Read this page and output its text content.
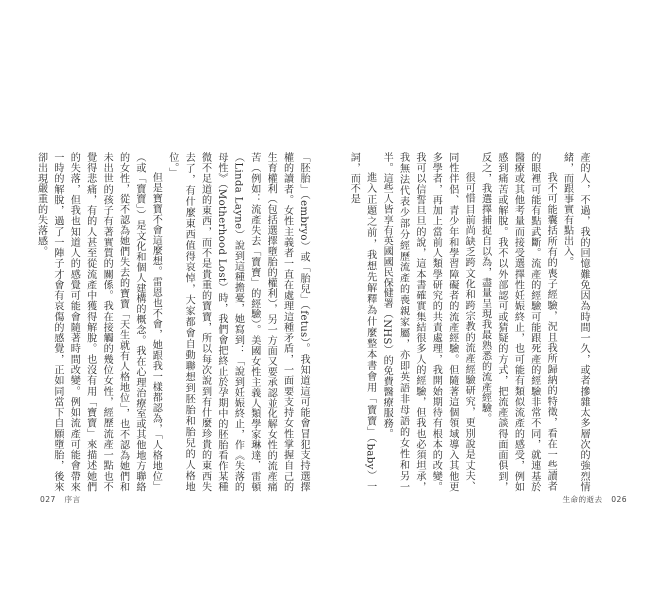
產的人，不過，我的回憶難免因為時間一久，或者摻雜太多層次的強烈情緒，而跟事實有點出入。
我不可能囊括所有的喪子經驗，況且我所歸納的特徵，看在一些讀者的眼裡可能有點武斷。流產的經驗可能跟死產的經驗非常不同，就連基於醫療或其他考量而接受選擇性妊娠終止，也可能有類似流產的感受，例如感到痛苦或解脫。我不以外部認可或猜疑的方式，把流產談得面面俱到，反之，我選擇捕捉自以為，盡量呈現我最熟悉的流產經驗。
很可惜目前尚缺乏跨文化和跨宗教的流產經驗研究，更別說是丈夫、同性伴侶、青少年和學習障礙者的流產經驗。但隨著這個領域導入其他更多學者，再加上當前人類學研究的共責處理，我開始期待有根本的改變。我可以信誓旦旦的說，這本書確實集結很多人的經驗，但我也必須坦承，我無法代表少部分經歷流產的喪親家屬，亦即英語非母語的女性和另一半。這些人皆享有英國國民保健署（NHS）的免費醫療服務。
進入正題之前，我想先解釋為什麼整本書會用「寶寶」（baby）一詞，而不是
「胚胎」（embryo）或「胎兒」（fetus）。我知道這可能會冒犯支持選擇權的讀者。女性主義者一直在處理這種矛盾，一面要支持女性掌握自己的生育權利（包括選擇墮胎的權利），另一方面又要承認並化解女性的流產痛苦（例如：流產失去「寶寶」的經驗）。美國女性主義人類學家琳達．雷頓（Linda Layne）說到這種擔憂，她寫到：「說到妊娠終止，作《失落的母性》（Motherhood Lost）時，我們會把終止於孕期中的胚胎看作某種微不足道的東西，而不是貴重的寶寶，所以每次說到有什麼珍貴的東西失去了，有什麼東西值得哀悼，大家都會自動聯想到胚胎和胎兒的人格地位。」
但是寶寶不會這麼想。雷恩也不會，她跟我一樣都認為，「人格地位」（或「寶寶」）是文化和個人建構的概念。我在心理治療室或其他地方聯絡的女性，從不認為她們失去的寶寶「天生就有人格地位」，也不認為她們和未出世的孩子有著實質的關係。我在接觸的幾位女性，經歷流產一點也不覺得悲痛，有的人甚至從流產中獲得解脫。也沒有用「寶寶」來描述她們的失落，但我也知道人的感覺可能會隨著時間改變。例如流產可能會帶來一時的解脫，過了一陣子才會有哀傷的感覺，正如同當下自願墮胎，後來卻出現嚴重的失落感。
027 序言	生命的逝去 026
